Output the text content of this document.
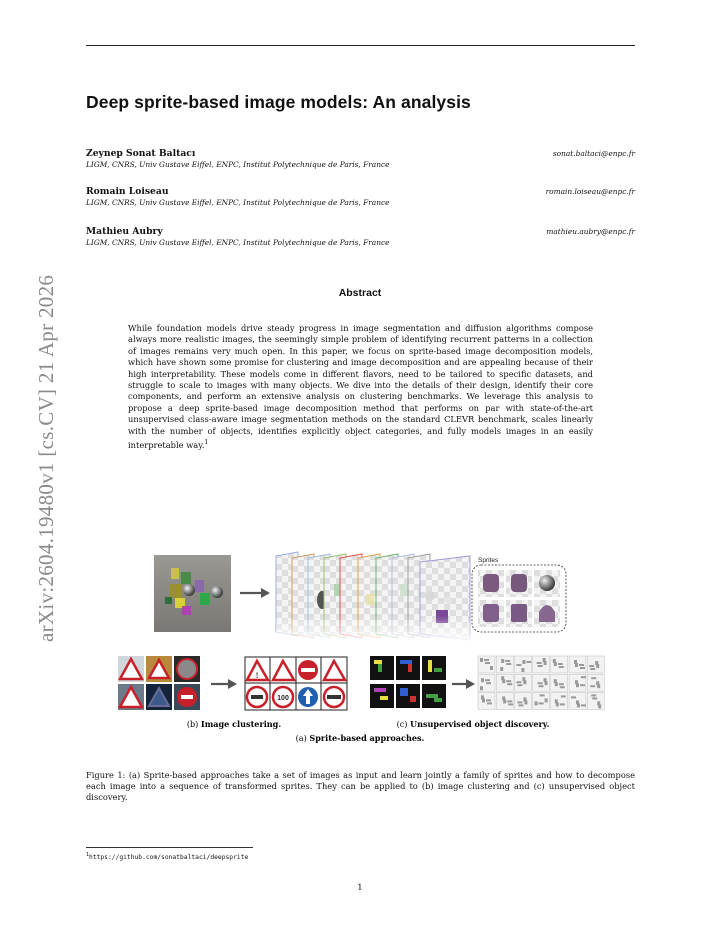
arXiv:2604.19480v1 [cs.CV] 21 Apr 2026
Deep sprite-based image models: An analysis
Zeynep Sonat Baltacı
LIGM, CNRS, Univ Gustave Eiffel, ENPC, Institut Polytechnique de Paris, France
sonat.baltaci@enpc.fr
Romain Loiseau
LIGM, CNRS, Univ Gustave Eiffel, ENPC, Institut Polytechnique de Paris, France
romain.loiseau@enpc.fr
Mathieu Aubry
LIGM, CNRS, Univ Gustave Eiffel, ENPC, Institut Polytechnique de Paris, France
mathieu.aubry@enpc.fr
Abstract
While foundation models drive steady progress in image segmentation and diffusion algorithms compose always more realistic images, the seemingly simple problem of identifying recurrent patterns in a collection of images remains very much open. In this paper, we focus on sprite-based image decomposition models, which have shown some promise for clustering and image decomposition and are appealing because of their high interpretability. These models come in different flavors, need to be tailored to specific datasets, and struggle to scale to images with many objects. We dive into the details of their design, identify their core components, and perform an extensive analysis on clustering benchmarks. We leverage this analysis to propose a deep sprite-based image decomposition method that performs on par with state-of-the-art unsupervised class-aware image segmentation methods on the standard CLEVR benchmark, scales linearly with the number of objects, identifies explicitly object categories, and fully models images in an easily interpretable way.$^1$
Sprites
!
100
(a) Sprite-based approaches.
(b) Image clustering.	(c) Unsupervised object discovery.
Figure 1: (a) Sprite-based approaches take a set of images as input and learn jointly a family of sprites and how to decompose each image into a sequence of transformed sprites. They can be applied to (b) image clustering and (c) unsupervised object discovery.
$^1$https://github.com/sonatbaltaci/deepsprite
1
